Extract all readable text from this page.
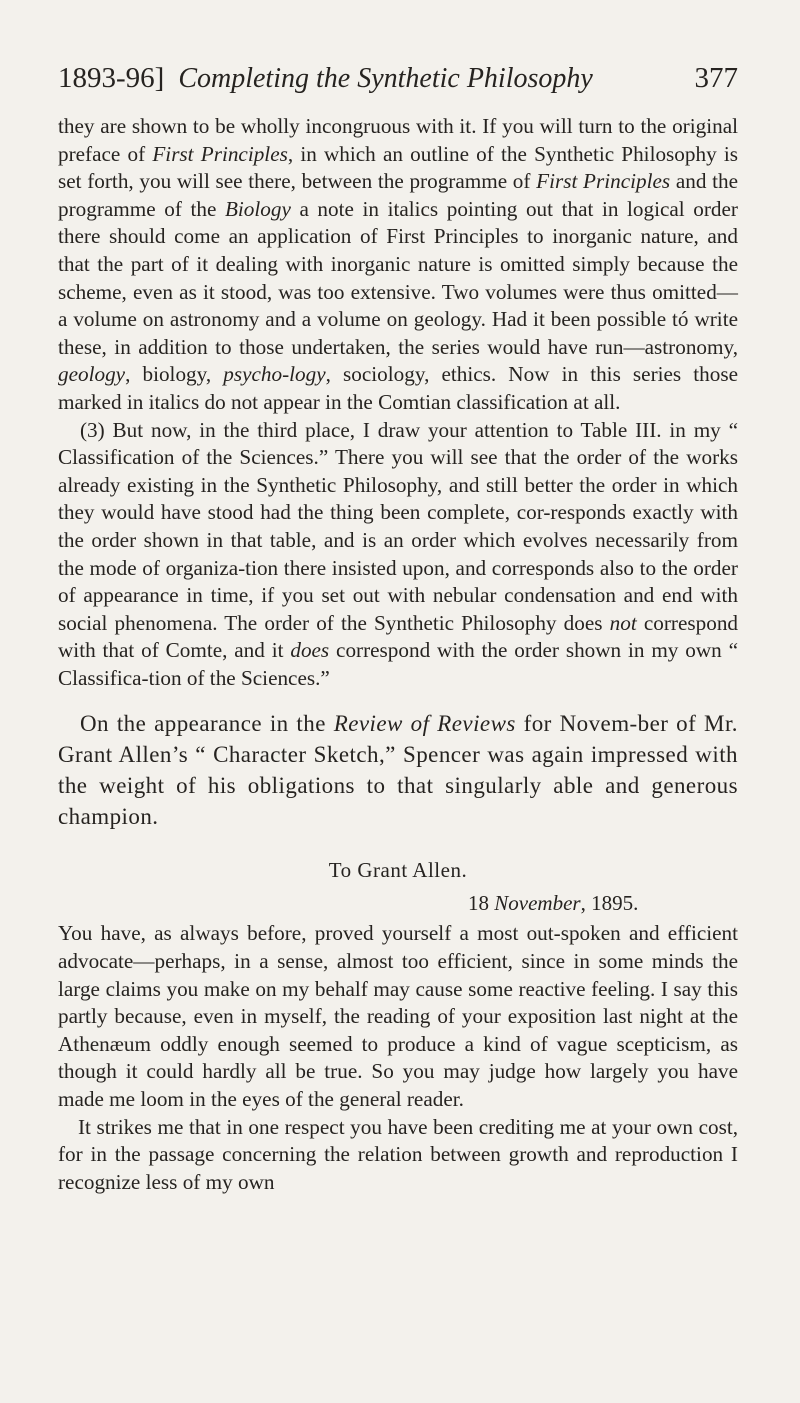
1893-96] Completing the Synthetic Philosophy	377

they are shown to be wholly incongruous with it. If you will turn to the original preface of First Principles, in which an outline of the Synthetic Philosophy is set forth, you will see there, between the programme of First Principles and the programme of the Biology a note in italics pointing out that in logical order there should come an application of First Principles to inorganic nature, and that the part of it dealing with inorganic nature is omitted simply because the scheme, even as it stood, was too extensive. Two volumes were thus omitted— a volume on astronomy and a volume on geology. Had it been possible tó write these, in addition to those undertaken, the series would have run—astronomy, geology, biology, psycho-logy, sociology, ethics. Now in this series those marked in italics do not appear in the Comtian classification at all.

(3) But now, in the third place, I draw your attention to Table III. in my “ Classification of the Sciences.” There you will see that the order of the works already existing in the Synthetic Philosophy, and still better the order in which they would have stood had the thing been complete, cor-responds exactly with the order shown in that table, and is an order which evolves necessarily from the mode of organiza-tion there insisted upon, and corresponds also to the order of appearance in time, if you set out with nebular condensation and end with social phenomena. The order of the Synthetic Philosophy does not correspond with that of Comte, and it does correspond with the order shown in my own “ Classifica-tion of the Sciences.”

On the appearance in the Review of Reviews for Novem-ber of Mr. Grant Allen’s “ Character Sketch,” Spencer was again impressed with the weight of his obligations to that singularly able and generous champion.

To Grant Allen.
18 November, 1895.

You have, as always before, proved yourself a most out-spoken and efficient advocate—perhaps, in a sense, almost too efficient, since in some minds the large claims you make on my behalf may cause some reactive feeling. I say this partly because, even in myself, the reading of your exposition last night at the Athenæum oddly enough seemed to produce a kind of vague scepticism, as though it could hardly all be true. So you may judge how largely you have made me loom in the eyes of the general reader.

It strikes me that in one respect you have been crediting me at your own cost, for in the passage concerning the relation between growth and reproduction I recognize less of my own
